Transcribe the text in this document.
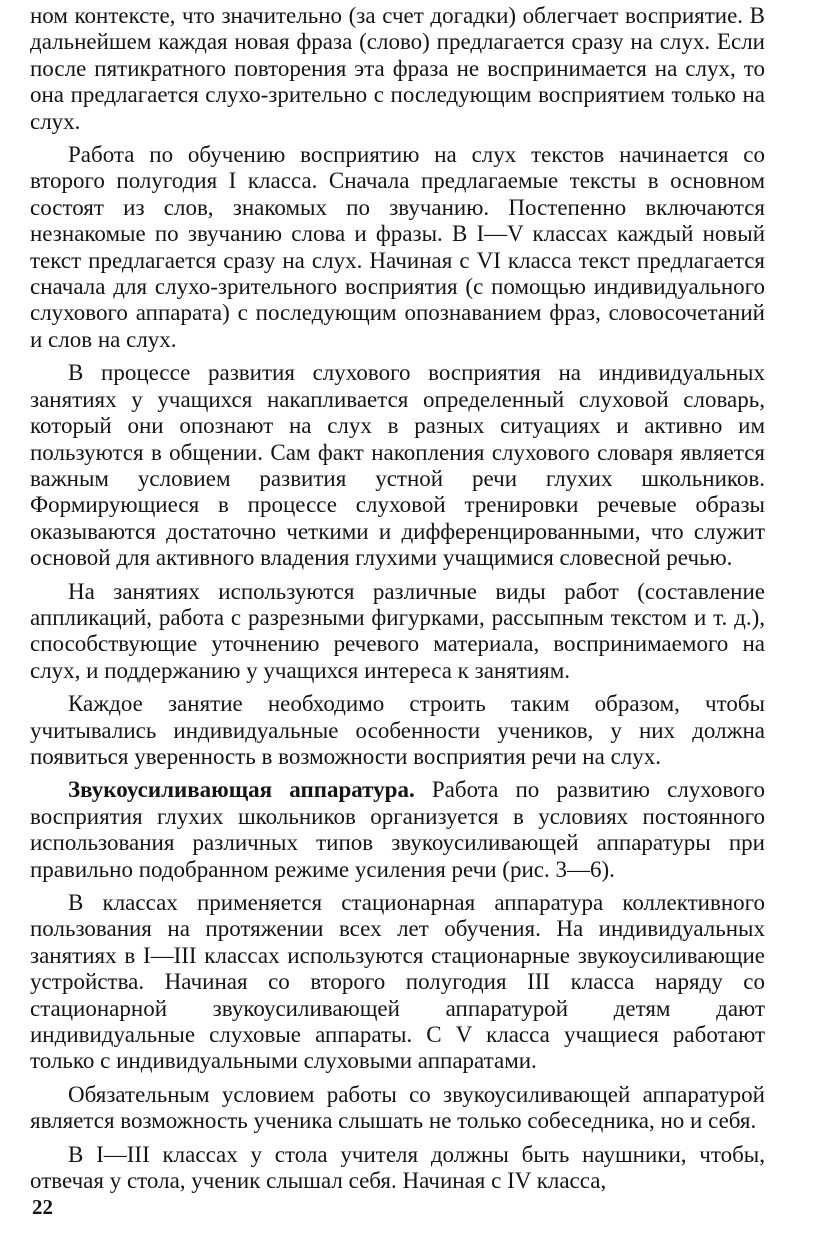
ном контексте, что значительно (за счет догадки) облегчает восприятие. В дальнейшем каждая новая фраза (слово) предлагается сразу на слух. Если после пятикратного повторения эта фраза не воспринимается на слух, то она предлагается слухо-зрительно с последующим восприятием только на слух.

Работа по обучению восприятию на слух текстов начинается со второго полугодия I класса. Сначала предлагаемые тексты в основном состоят из слов, знакомых по звучанию. Постепенно включаются незнакомые по звучанию слова и фразы. В I—V классах каждый новый текст предлагается сразу на слух. Начиная с VI класса текст предлагается сначала для слухо-зрительного восприятия (с помощью индивидуального слухового аппарата) с последующим опознаванием фраз, словосочетаний и слов на слух.

В процессе развития слухового восприятия на индивидуальных занятиях у учащихся накапливается определенный слуховой словарь, который они опознают на слух в разных ситуациях и активно им пользуются в общении. Сам факт накопления слухового словаря является важным условием развития устной речи глухих школьников. Формирующиеся в процессе слуховой тренировки речевые образы оказываются достаточно четкими и дифференцированными, что служит основой для активного владения глухими учащимися словесной речью.

На занятиях используются различные виды работ (составление аппликаций, работа с разрезными фигурками, рассыпным текстом и т. д.), способствующие уточнению речевого материала, воспринимаемого на слух, и поддержанию у учащихся интереса к занятиям.

Каждое занятие необходимо строить таким образом, чтобы учитывались индивидуальные особенности учеников, у них должна появиться уверенность в возможности восприятия речи на слух.

Звукоусиливающая аппаратура. Работа по развитию слухового восприятия глухих школьников организуется в условиях постоянного использования различных типов звукоусиливающей аппаратуры при правильно подобранном режиме усиления речи (рис. 3—6).

В классах применяется стационарная аппаратура коллективного пользования на протяжении всех лет обучения. На индивидуальных занятиях в I—III классах используются стационарные звукоусиливающие устройства. Начиная со второго полугодия III класса наряду со стационарной звукоусиливающей аппаратурой детям дают индивидуальные слуховые аппараты. С V класса учащиеся работают только с индивидуальными слуховыми аппаратами.

Обязательным условием работы со звукоусиливающей аппаратурой является возможность ученика слышать не только собеседника, но и себя.

В I—III классах у стола учителя должны быть наушники, чтобы, отвечая у стола, ученик слышал себя. Начиная с IV класса,

22
